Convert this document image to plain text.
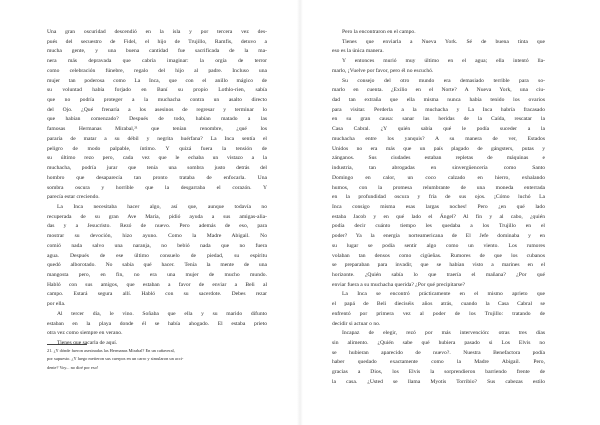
Una gran oscuridad descendió en la isla y por tercera vez des-
pués del secuestro de Fidel, el hijo de Trujillo, Ramfis, detuvo a
mucha gente, y una buena cantidad fue sacrificada de la ma-
nera más depravada que cabría imaginar: la orgía de terror
como celebración fúnebre, regalo del hijo al padre. Incluso una
mujer tan poderosa como La Inca, que con el anillo mágico de
su voluntad había forjado en Baní su propio Lothlo-rien, sabía
que no podría proteger a la muchacha contra un asalto directo
del Ojo. ¿Qué frenaría a los asesinos de regresar y terminar lo
que habían comenzado? Después de todo, habían matado a las
famosas Hermanas Mirabal,²¹ que tenían renombre, ¿qué los
pararía de matar a su débil y negrita huérfana? La Inca sentía el
peligro de modo palpable, íntimo. Y quizá fuera la tensión de
su último rezo pero, cada vez que le echaba un vistazo a la
muchacha, podría jurar que tenía una sombra justo detrás del
hombro que desaparecía tan pronto trataba de enfocarla. Una
sombra oscura y horrible que la desgarraba el corazón. Y
parecía estar creciendo.
La Inca necesitaba hacer algo, así que, aunque todavía no
recuperada de su gran Ave María, pidió ayuda a sus amigas-alia-
das y a Jesucristo. Rezó de nuevo. Pero además de eso, para
mostrar su devoción, hizo ayuno. Como la Madre Abigail. No
comió nada salvo una naranja, no bebió nada que no fuera
agua. Después de ese último consuelo de piedad, su espíritu
quedó alborotado. No sabía qué hacer. Tenía la mente de una
mangosta pero, en fin, no era una mujer de mucho mundo.
Habló con sus amigos, que estaban a favor de enviar a Beli al
campo. Estará segura allí. Habló con su sacerdote. Debes rezar
por ella.
Al tercer día, le vino. Soñaba que ella y su marido difunto
estaban en la playa donde él se había ahogado. El estaba prieto
otra vez como siempre en verano.
Tienes que sacarla de aquí.
21. ¿Y dónde fueron asesinadas las Hermanas Mirabal? En un cañaveral,
por supuesto. ¿Y luego metieron sus cuerpos en un carro y simularon un acci-
dente? Voy... no diré por eso!
Pero la encontraron en el campo.
Tienes que enviarla a Nueva York. Sé de buena tinta que
eso es la única manera.
Y entonces murió muy último en el agua; ella intentó lla-
marlo, ¡Vuelve por favor, pero él no escuchó.
Su consejo del otro mundo era demasiado terrible para so-
marlo en cuenta. ¿Exilio en el Norte? A Nueva York, una ciu-
dad tan extraña que ella misma nunca había tenido los ovarios
para visitar. Perderla a la muchacha y La Inca habría fracasado
en su gran causa: sanar las heridas de la Caída, rescatar la
Casa Cabral. ¿Y quién sabía qué le podía suceder a la
muchacha entre los yanquis? A su manera de ver, Estados
Unidos no era más que un país plagado de gángsters, putas y
zánganos. Sus ciudades estaban repletas de máquinas e
industria, tan abrogadas en sinvergüencería como Santo
Domingo en calor, un coco calzado en hierro, exhalando
humos, con la promesa relumbrante de una moneda enterrada
en la profundidad oscura y fría de sus ojos. ¡Cómo luchó La
Inca consigo misma esas largas noches! Pero ¿en qué lado
estaba Jacob y en qué lado el Ángel? Al fin y al cabo, ¿quién
podía decir cuánto tiempo les quedaba a los Trujillo en el
poder? Ya la energía norteamericana de El Jefe dominaba y en
su lugar se podía sentir algo como un viento. Los rumores
volaban tan densos como cigüeñas. Rumores de que los cubanos
se preparaban para invadir, que se habían visto a marines en el
horizonte. ¿Quién sabía lo que traería el mañana? ¿Por qué
enviar fuera a su muchacha querida? ¿Por qué precipitarse?
La Inca se encontró prácticamente en el mismo aprieto que
el papá de Beli dieciséis años atrás, cuando la Casa Cabral se
enfrentó por primera vez al poder de los Trujillo: tratando de
decidir si actuar o no.
Incapaz de elegir, rezó por más intervención: otras tres días
sin alimento. ¿Quién sabe qué hubiera pasado si Los Elvis no
se hubieran aparecido de nuevo?. Nuestra Benefactora podía
haber quedado exactamente como la Madre Abigail. Pero,
gracias a Dios, los Elvis la sorprendieron barriendo frente de
la casa. ¿Usted se llama Myotis Torribio? Sus cabezas estilo
